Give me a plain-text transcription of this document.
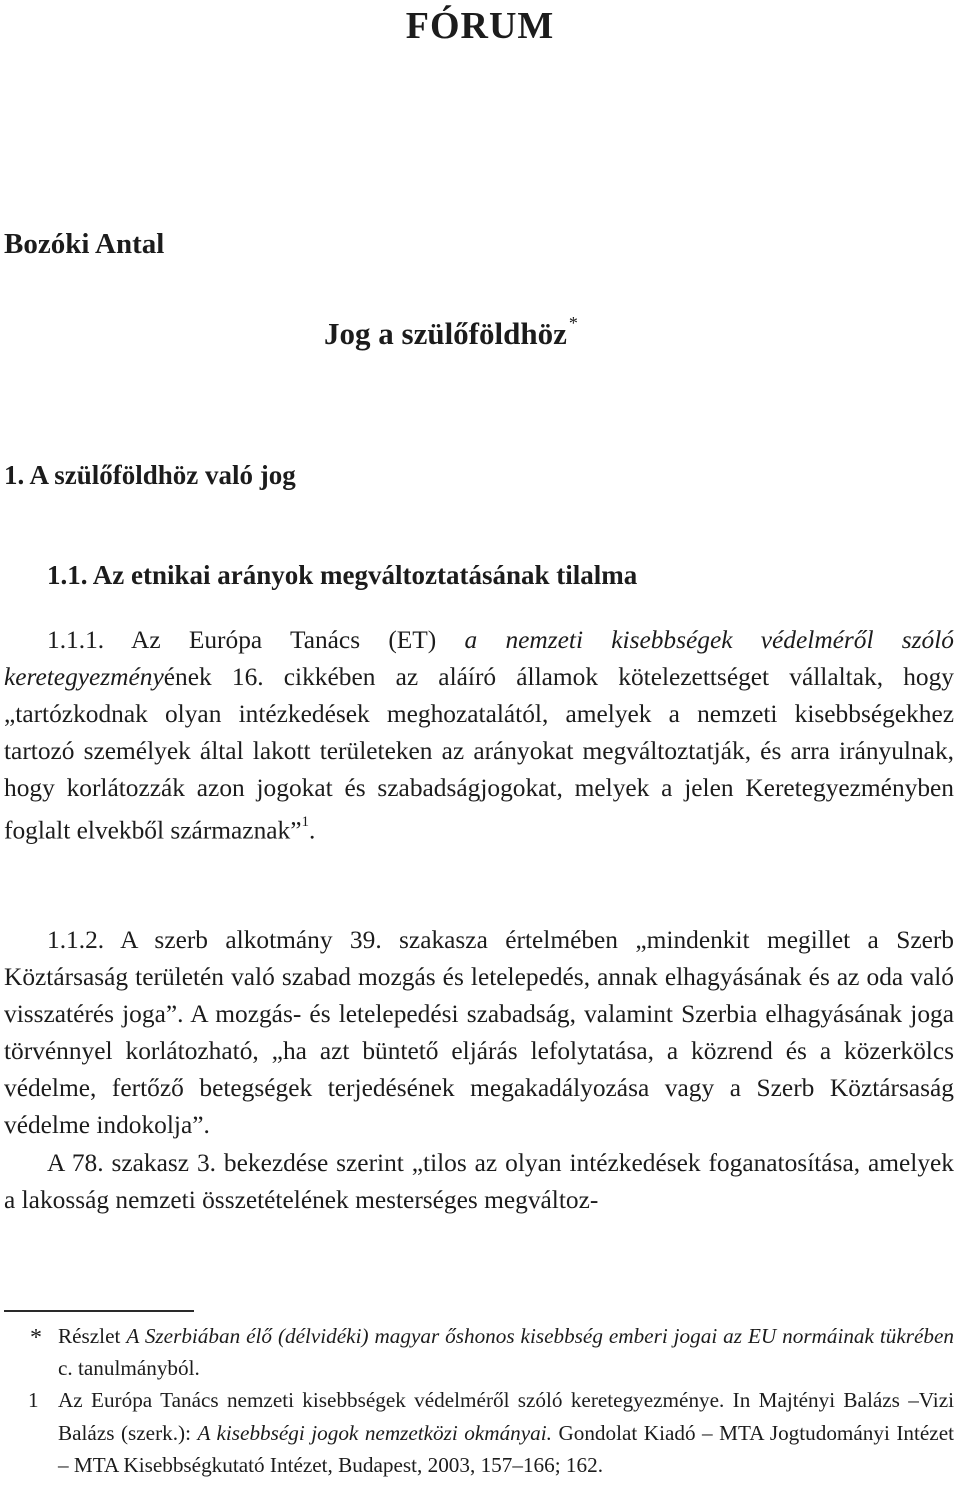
FÓRUM
Bozóki Antal
Jog a szülőföldhöz *
1. A szülőföldhöz való jog
1.1. Az etnikai arányok megváltoztatásának tilalma

1.1.1. Az Európa Tanács (ET) a nemzeti kisebbségek védelméről szóló keretegyezményének 16. cikkében az aláíró államok kötelezettséget vállaltak, hogy „tartózkodnak olyan intézkedések meghozatalától, amelyek a nemzeti kisebbségekhez tartozó személyek által lakott területeken az arányokat megváltoztatják, és arra irányulnak, hogy korlátozzák azon jogokat és szabadságjogokat, melyek a jelen Keretegyezményben foglalt elvekből származnak”$^1$.

1.1.2. A szerb alkotmány 39. szakasza értelmében „mindenkit megillet a Szerb Köztársaság területén való szabad mozgás és letelepedés, annak elhagyásának és az oda való visszatérés joga”. A mozgás- és letelepedési szabadság, valamint Szerbia elhagyásának joga törvénnyel korlátozható, „ha azt büntető eljárás lefolytatása, a közrend és a közerkölcs védelme, fertőző betegségek terjedésének megakadályozása vagy a Szerb Köztársaság védelme indokolja”.

A 78. szakasz 3. bekezdése szerint „tilos az olyan intézkedések foganatosítása, amelyek a lakosság nemzeti összetételének mesterséges megváltoz-

* Részlet A Szerbiában élő (délvidéki) magyar őshonos kisebbség emberi jogai az EU normáinak tükrében c. tanulmányból.
1 Az Európa Tanács nemzeti kisebbségek védelméről szóló keretegyezménye. In Majtényi Balázs –Vizi Balázs (szerk.): A kisebbségi jogok nemzetközi okmányai. Gondolat Kiadó – MTA Jogtudományi Intézet – MTA Kisebbségkutató Intézet, Budapest, 2003, 157–166; 162.
